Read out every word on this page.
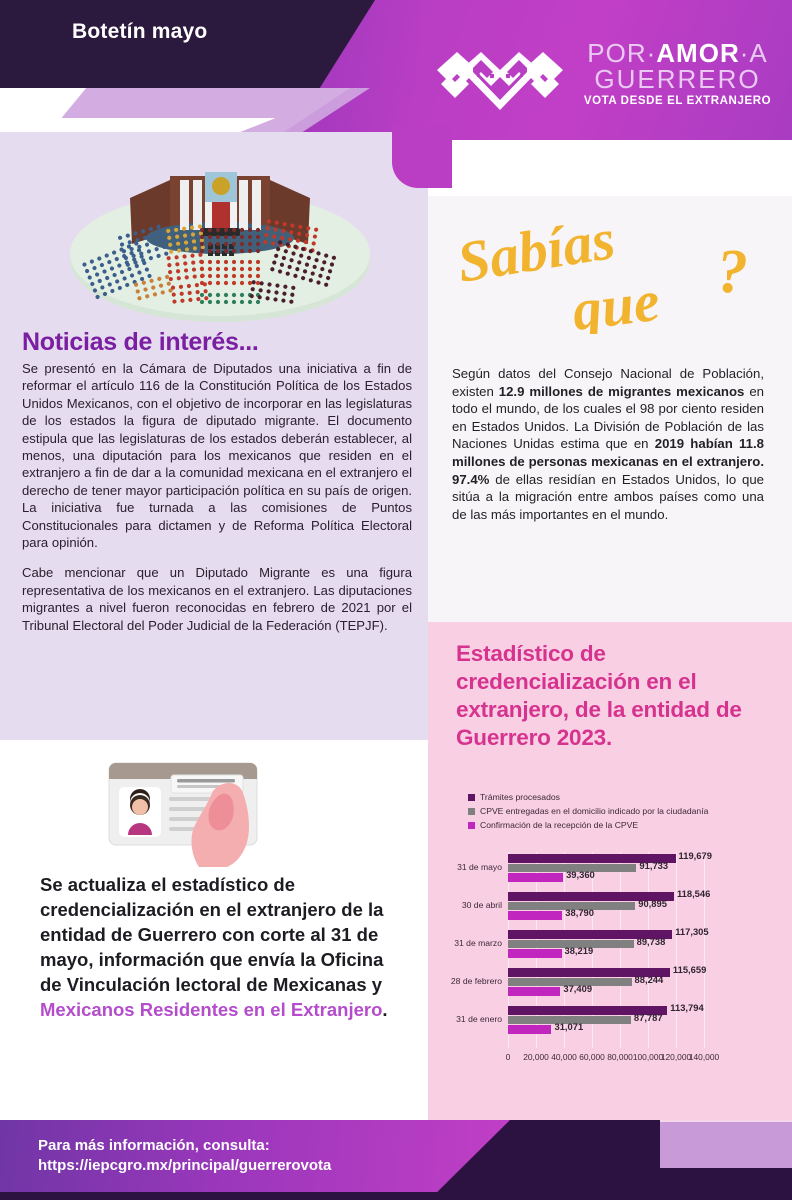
Botetín mayo
POR·AMOR·A
GUERRERO
VOTA DESDE EL EXTRANJERO
Noticias de interés...

Se presentó en la Cámara de Diputados una iniciativa a fin de reformar el artículo 116 de la Constitución Política de los Estados Unidos Mexicanos, con el objetivo de incorporar en las legislaturas de los estados la figura de diputado migrante. El documento estipula que las legislaturas de los estados deberán establecer, al menos, una diputación para los mexicanos que residen en el extranjero a fin de dar a la comunidad mexicana en el extranjero el derecho de tener mayor participación política en su país de origen. La iniciativa fue turnada a las comisiones de Puntos Constitucionales para dictamen y de Reforma Política Electoral para opinión.

Cabe mencionar que un Diputado Migrante es una figura representativa de los mexicanos en el extranjero. Las diputaciones migrantes a nivel fueron reconocidas en febrero de 2021 por el Tribunal Electoral del Poder Judicial de la Federación (TEPJF).

Se actualiza el estadístico de credencialización en el extranjero de la entidad de Guerrero con corte al 31 de mayo, información que envía la Oficina de Vinculación lectoral de Mexicanas y Mexicanos Residentes en el Extranjero.
Sabías
que ?
Según datos del Consejo Nacional de Población, existen 12.9 millones de migrantes mexicanos en todo el mundo, de los cuales el 98 por ciento residen en Estados Unidos. La División de Población de las Naciones Unidas estima que en 2019 habían 11.8 millones de personas mexicanas en el extranjero. 97.4% de ellas residían en Estados Unidos, lo que sitúa a la migración entre ambos países como una de las más importantes en el mundo.
Estadístico de credencialización en el extranjero, de la entidad de Guerrero 2023.
Trámites procesados
CPVE entregadas en el domicilio indicado por la ciudadanía
Confirmación de la recepción de la CPVE
31 de mayo
119,679
91,733
39,360
30 de abril
118,546
90,895
38,790
31 de marzo
117,305
89,738
38,219
28 de febrero
115,659
88,244
37,409
31 de enero
113,794
87,787
31,071
0 20,000 40,000 60,000 80,000 100,000
120,000
140,000
Para más información, consulta:
https://iepcgro.mx/principal/guerrerovota
